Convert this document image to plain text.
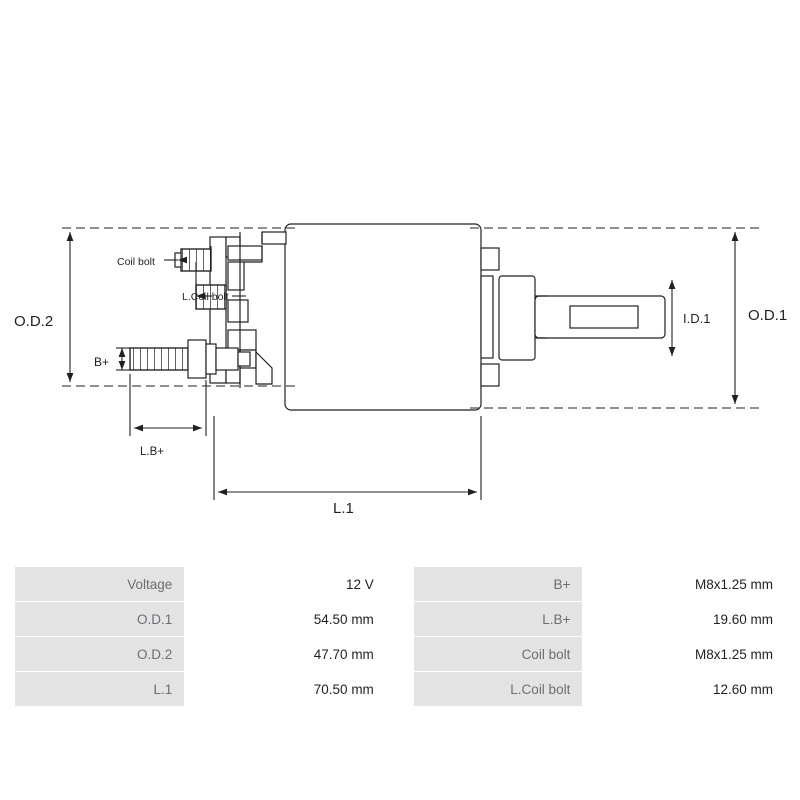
O.D.2	O.D.1
I.D.1
L.1
L.B+
B+
Coil bolt
L.Coil bolt
Voltage	12 V		B+	M8x1.25 mm
O.D.1	54.50 mm		L.B+	19.60 mm
O.D.2	47.70 mm		Coil bolt	M8x1.25 mm
L.1	70.50 mm		L.Coil bolt	12.60 mm
